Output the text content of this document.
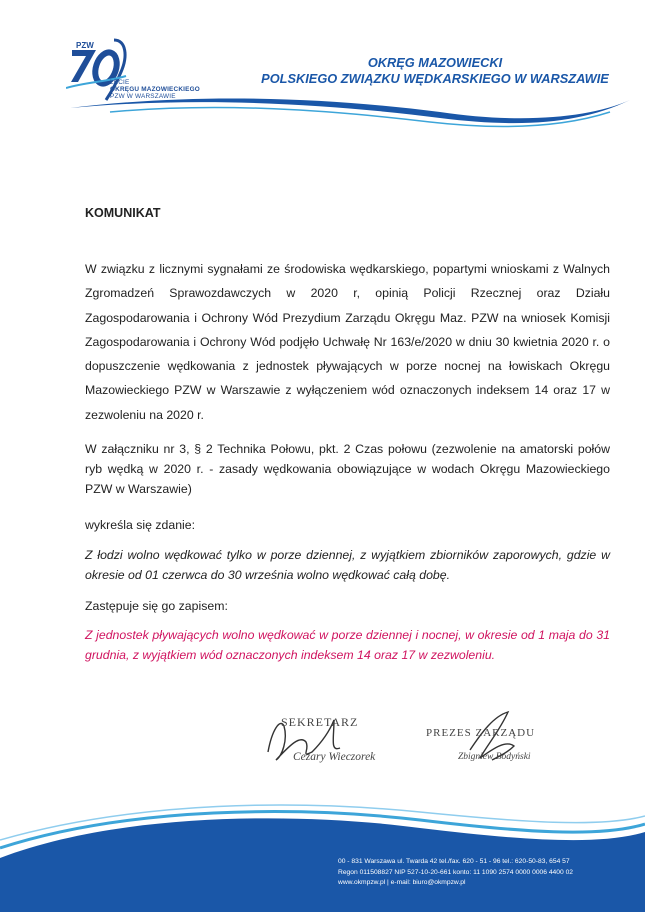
PZW
LECIE
OKRĘGU MAZOWIECKIEGO
PZW W WARSZAWIE
OKRĘG MAZOWIECKI
POLSKIEGO ZWIĄZKU WĘDKARSKIEGO W WARSZAWIE
KOMUNIKAT
W związku z licznymi sygnałami ze środowiska wędkarskiego, popartymi wnioskami z Walnych Zgromadzeń Sprawozdawczych w 2020 r, opinią Policji Rzecznej oraz Działu Zagospodarowania i Ochrony Wód Prezydium Zarządu Okręgu Maz. PZW na wniosek Komisji Zagospodarowania i Ochrony Wód podjęło Uchwałę Nr 163/e/2020 w dniu 30 kwietnia 2020 r. o dopuszczenie wędkowania z jednostek pływających w porze nocnej na łowiskach Okręgu Mazowieckiego PZW w Warszawie z wyłączeniem wód oznaczonych indeksem 14 oraz 17 w zezwoleniu na 2020 r.
W załączniku nr 3, § 2 Technika Połowu, pkt. 2 Czas połowu (zezwolenie na amatorski połów ryb wędką w 2020 r. - zasady wędkowania obowiązujące w wodach Okręgu Mazowieckiego PZW w Warszawie)
wykreśla się zdanie:
Z łodzi wolno wędkować tylko w porze dziennej, z wyjątkiem zbiorników zaporowych, gdzie w okresie od 01 czerwca do 30 września wolno wędkować całą dobę.
Zastępuje się go zapisem:
Z jednostek pływających wolno wędkować w porze dziennej i nocnej, w okresie od 1 maja do 31 grudnia, z wyjątkiem wód oznaczonych indeksem 14 oraz 17 w zezwoleniu.
SEKRETARZ
Cezary Wieczorek
PREZES ZARZĄDU
Zbigniew Bodyński
00 - 831 Warszawa ul. Twarda 42 tel./fax. 620 - 51 - 96 tel.: 620-50-83, 654 57
Regon 011508827 NIP 527-10-20-661 konto: 11 1090 2574 0000 0006 4400 02
www.okmpzw.pl | e-mail: biuro@okmpzw.pl
